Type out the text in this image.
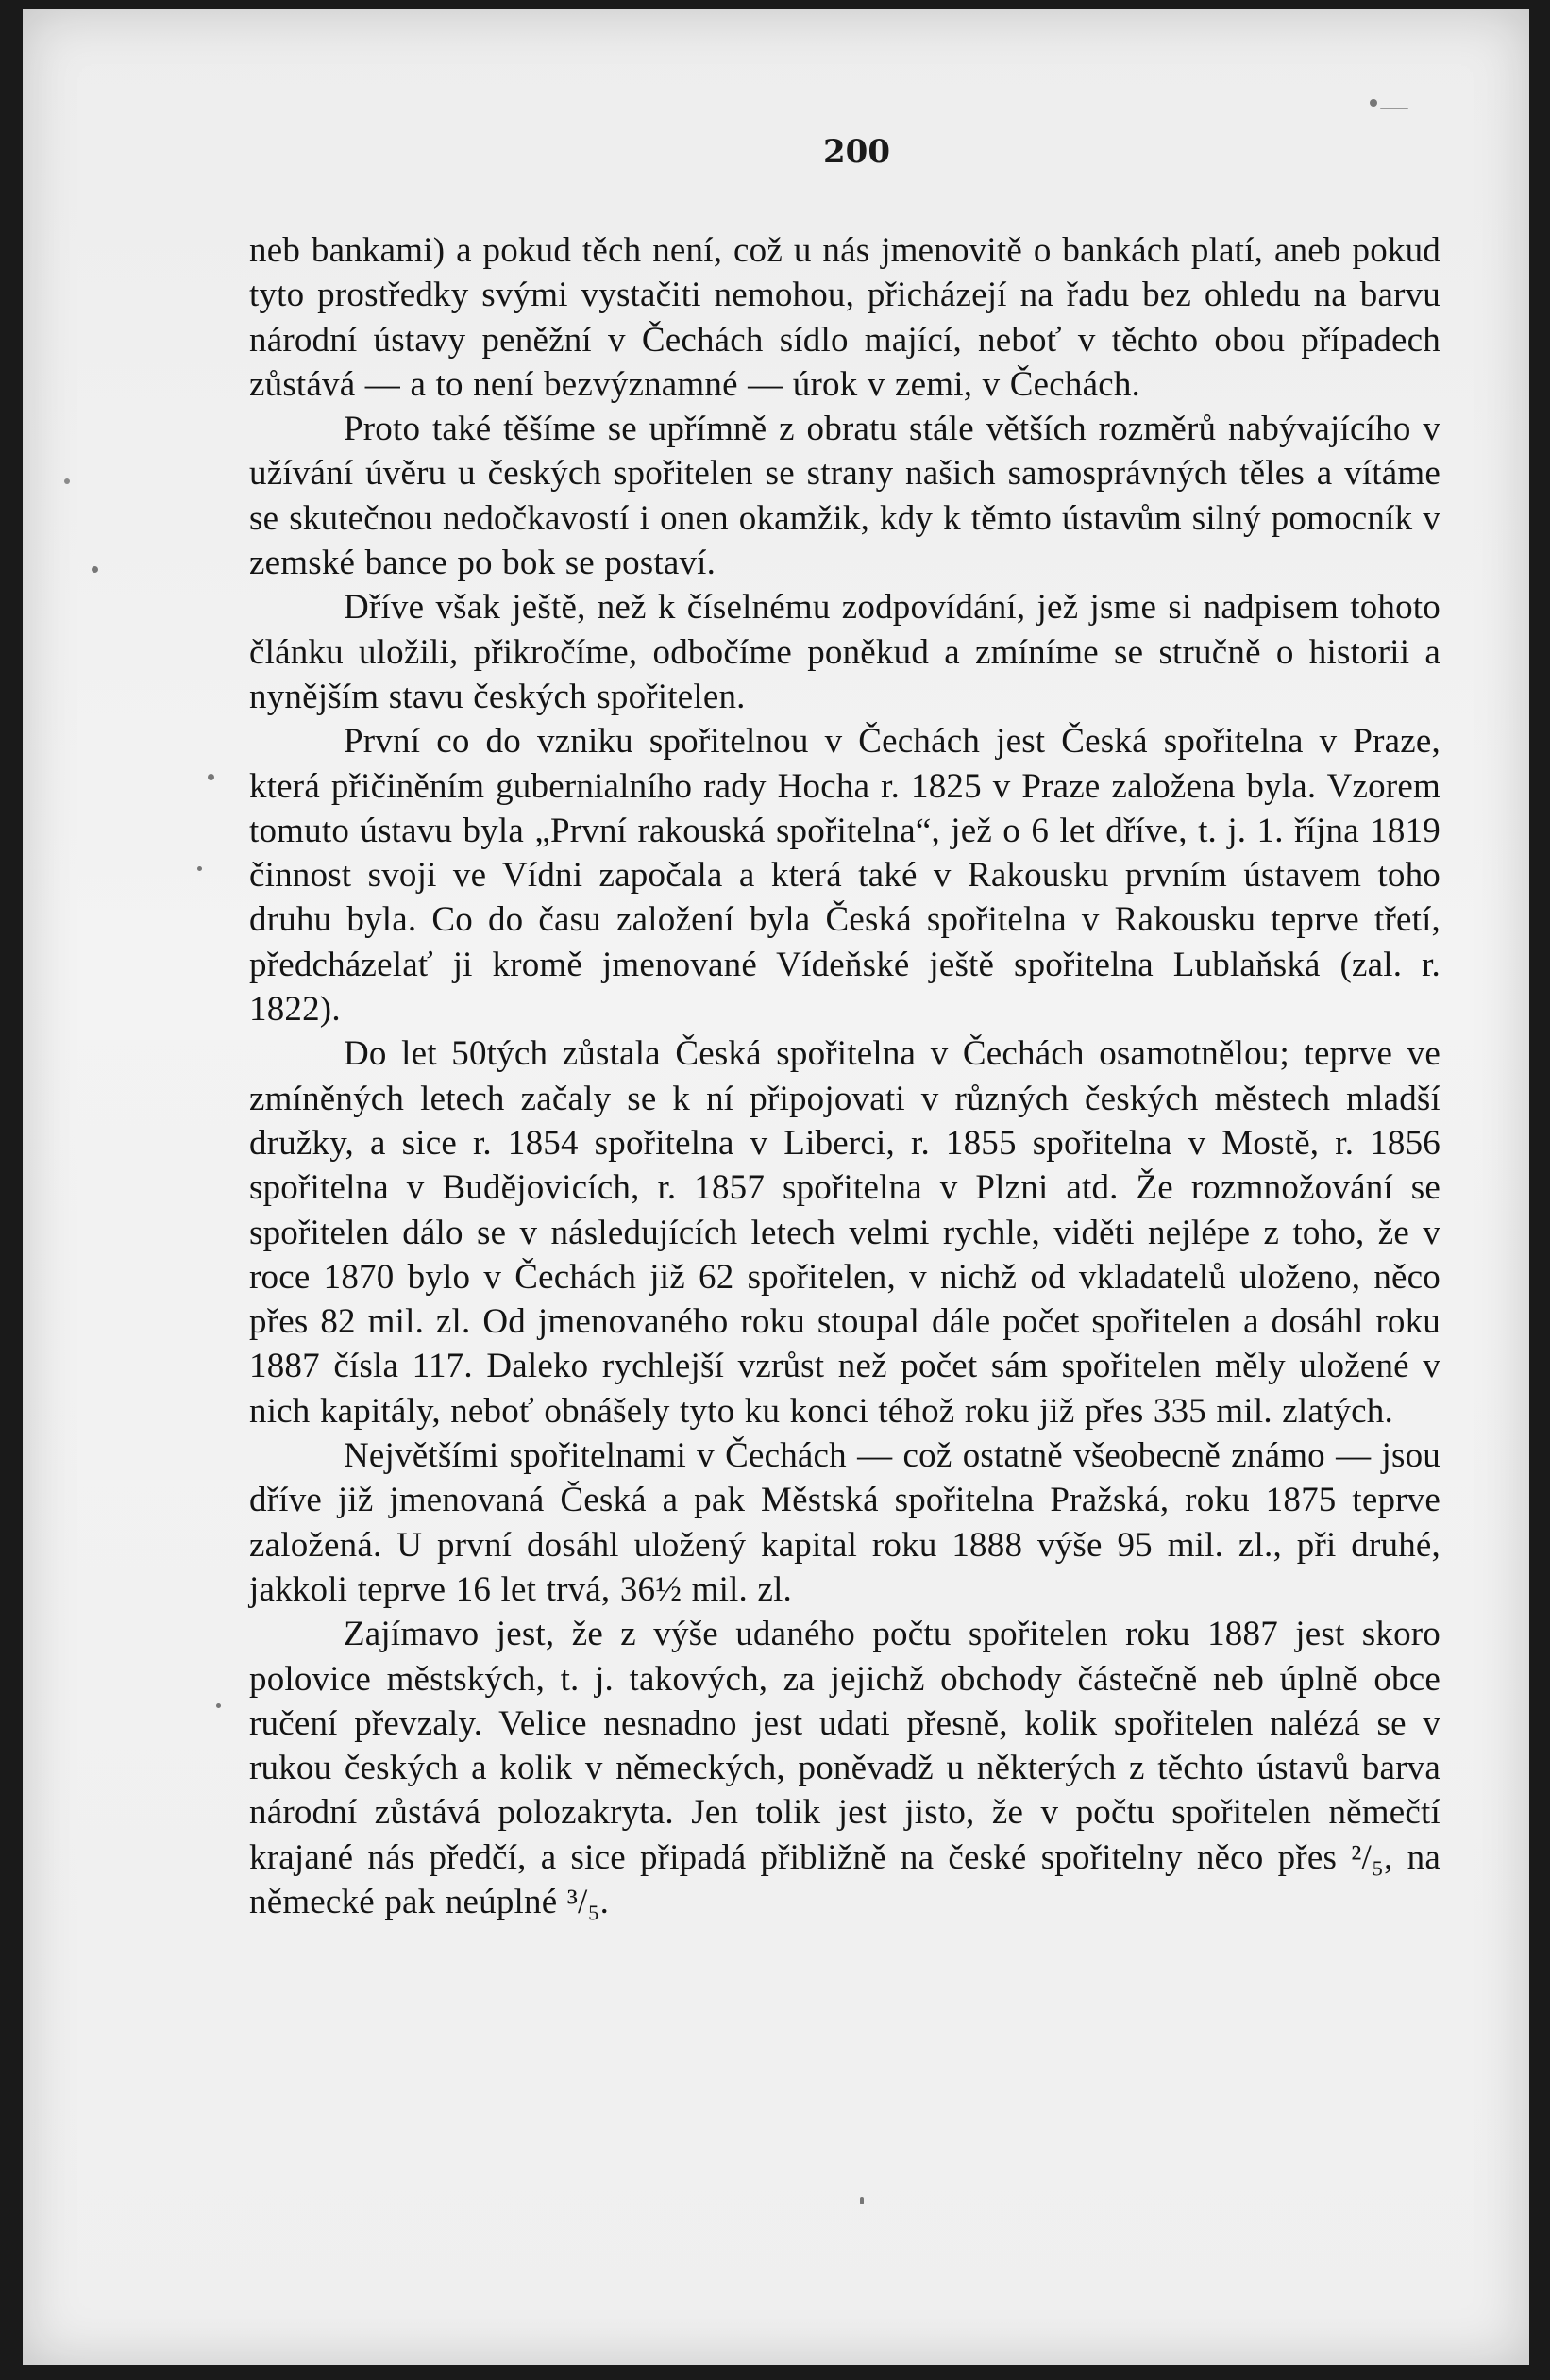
200

neb bankami) a pokud těch není, což u nás jmenovitě o bankách platí, aneb pokud tyto prostředky svými vystačiti nemohou, přicházejí na řadu bez ohledu na barvu národní ústavy peněžní v Čechách sídlo mající, neboť v těchto obou případech zůstává — a to není bezvýznamné — úrok v zemi, v Čechách.

Proto také těšíme se upřímně z obratu stále větších rozměrů nabývajícího v užívání úvěru u českých spořitelen se strany našich samosprávných těles a vítáme se skutečnou nedočkavostí i onen okamžik, kdy k těmto ústavům silný pomocník v zemské bance po bok se postaví.

Dříve však ještě, než k číselnému zodpovídání, jež jsme si nadpisem tohoto článku uložili, přikročíme, odbočíme poněkud a zmíníme se stručně o historii a nynějším stavu českých spořitelen.

První co do vzniku spořitelnou v Čechách jest Česká spořitelna v Praze, která přičiněním gubernialního rady Hocha r. 1825 v Praze založena byla. Vzorem tomuto ústavu byla „První rakouská spořitelna“, jež o 6 let dříve, t. j. 1. října 1819 činnost svoji ve Vídni započala a která také v Rakousku prvním ústavem toho druhu byla. Co do času založení byla Česká spořitelna v Rakousku teprve třetí, předcházelať ji kromě jmenované Vídeňské ještě spořitelna Lublaňská (zal. r. 1822).

Do let 50tých zůstala Česká spořitelna v Čechách osamotnělou; teprve ve zmíněných letech začaly se k ní připojovati v různých českých městech mladší družky, a sice r. 1854 spořitelna v Liberci, r. 1855 spořitelna v Mostě, r. 1856 spořitelna v Budějovicích, r. 1857 spořitelna v Plzni atd. Že rozmnožování se spořitelen dálo se v následujících letech velmi rychle, viděti nejlépe z toho, že v roce 1870 bylo v Čechách již 62 spořitelen, v nichž od vkladatelů uloženo, něco přes 82 mil. zl. Od jmenovaného roku stoupal dále počet spořitelen a dosáhl roku 1887 čísla 117. Daleko rychlejší vzrůst než počet sám spořitelen měly uložené v nich kapitály, neboť obnášely tyto ku konci téhož roku již přes 335 mil. zlatých.

Největšími spořitelnami v Čechách — což ostatně všeobecně známo — jsou dříve již jmenovaná Česká a pak Městská spořitelna Pražská, roku 1875 teprve založená. U první dosáhl uložený kapital roku 1888 výše 95 mil. zl., při druhé, jakkoli teprve 16 let trvá, 36½ mil. zl.

Zajímavo jest, že z výše udaného počtu spořitelen roku 1887 jest skoro polovice městských, t. j. takových, za jejichž obchody částečně neb úplně obce ručení převzaly. Velice nesnadno jest udati přesně, kolik spořitelen nalézá se v rukou českých a kolik v německých, poněvadž u některých z těchto ústavů barva národní zůstává polozakryta. Jen tolik jest jisto, že v počtu spořitelen němečtí krajané nás předčí, a sice připadá přibližně na české spořitelny něco přes ²/₅, na německé pak neúplné ³/₅.
